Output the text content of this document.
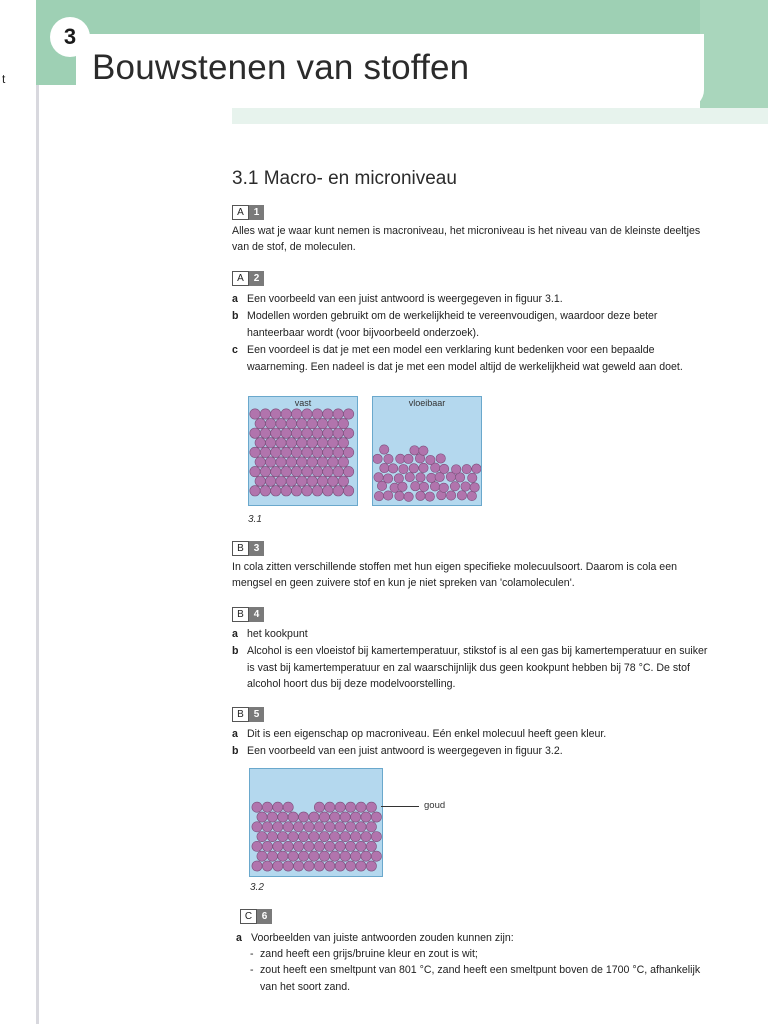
t
3
Bouwstenen van stoffen
3.1 Macro- en microniveau
A 1
Alles wat je waar kunt nemen is macroniveau, het microniveau is het niveau van de kleinste deeltjes van de stof, de moleculen.
A 2
a Een voorbeeld van een juist antwoord is weergegeven in figuur 3.1.
b Modellen worden gebruikt om de werkelijkheid te vereenvoudigen, waardoor deze beter hanteerbaar wordt (voor bijvoorbeeld onderzoek).
c Een voordeel is dat je met een model een verklaring kunt bedenken voor een bepaalde waarneming. Een nadeel is dat je met een model altijd de werkelijkheid wat geweld aan doet.
vast	vloeibaar
3.1
B 3
In cola zitten verschillende stoffen met hun eigen specifieke molecuulsoort. Daarom is cola een mengsel en geen zuivere stof en kun je niet spreken van 'colamoleculen'.
B 4
a het kookpunt
b Alcohol is een vloeistof bij kamertemperatuur, stikstof is al een gas bij kamertemperatuur en suiker is vast bij kamertemperatuur en zal waarschijnlijk dus geen kookpunt hebben bij 78 °C. De stof alcohol hoort dus bij deze modelvoorstelling.
B 5
a Dit is een eigenschap op macroniveau. Eén enkel molecuul heeft geen kleur.
b Een voorbeeld van een juist antwoord is weergegeven in figuur 3.2.
goud
3.2
C 6
a Voorbeelden van juiste antwoorden zouden kunnen zijn:
- zand heeft een grijs/bruine kleur en zout is wit;
- zout heeft een smeltpunt van 801 °C, zand heeft een smeltpunt boven de 1700 °C, afhankelijk van het soort zand.
